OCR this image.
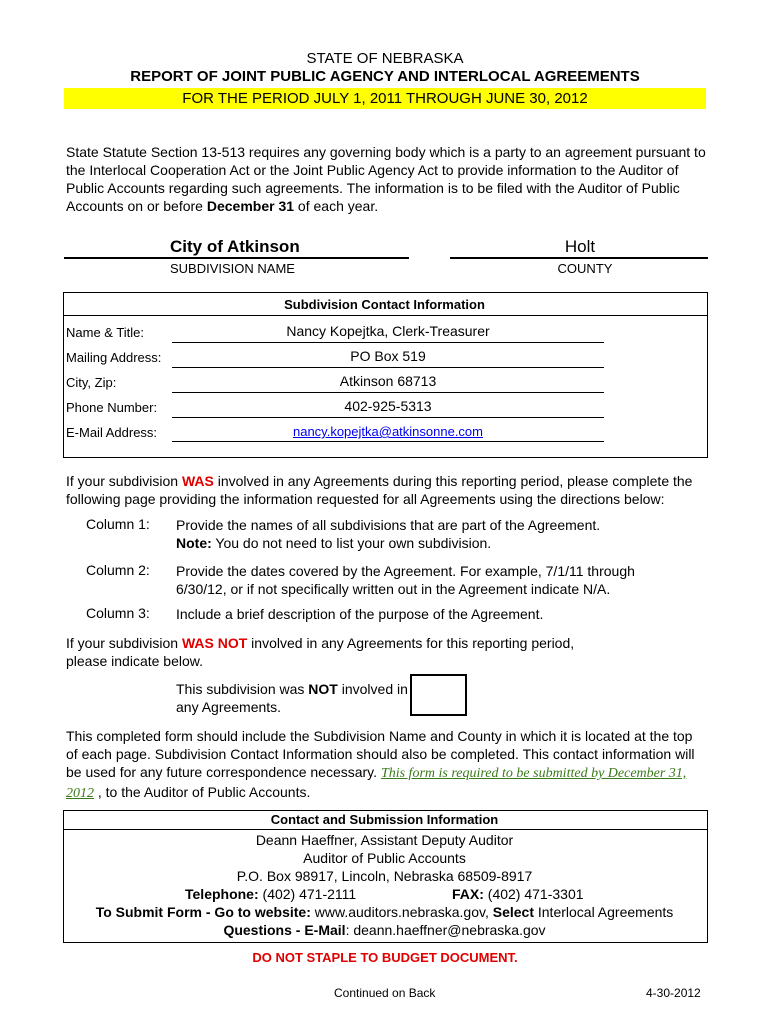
STATE OF NEBRASKA
REPORT OF JOINT PUBLIC AGENCY AND INTERLOCAL AGREEMENTS
FOR THE PERIOD JULY 1, 2011 THROUGH JUNE 30, 2012
State Statute Section 13-513 requires any governing body which is a party to an agreement pursuant to the Interlocal Cooperation Act or the Joint Public Agency Act to provide information to the Auditor of Public Accounts regarding such agreements. The information is to be filed with the Auditor of Public Accounts on or before December 31 of each year.
City of Atkinson
SUBDIVISION NAME
Holt
COUNTY
Subdivision Contact Information
Name & Title:	Nancy Kopejtka, Clerk-Treasurer
Mailing Address:	PO Box 519
City, Zip:	Atkinson 68713
Phone Number:	402-925-5313
E-Mail Address:	nancy.kopejtka@atkinsonne.com
If your subdivision WAS involved in any Agreements during this reporting period, please complete the following page providing the information requested for all Agreements using the directions below:
Column 1: Provide the names of all subdivisions that are part of the Agreement.
Note: You do not need to list your own subdivision.
Column 2: Provide the dates covered by the Agreement. For example, 7/1/11 through 6/30/12, or if not specifically written out in the Agreement indicate N/A.
Column 3: Include a brief description of the purpose of the Agreement.
If your subdivision WAS NOT involved in any Agreements for this reporting period, please indicate below.
This subdivision was NOT involved in any Agreements.
This completed form should include the Subdivision Name and County in which it is located at the top of each page. Subdivision Contact Information should also be completed. This contact information will be used for any future correspondence necessary. This form is required to be submitted by December 31, 2012 , to the Auditor of Public Accounts.
Contact and Submission Information
Deann Haeffner, Assistant Deputy Auditor
Auditor of Public Accounts
P.O. Box 98917, Lincoln, Nebraska 68509-8917
Telephone: (402) 471-2111	FAX: (402) 471-3301
To Submit Form - Go to website: www.auditors.nebraska.gov, Select Interlocal Agreements
Questions - E-Mail: deann.haeffner@nebraska.gov
DO NOT STAPLE TO BUDGET DOCUMENT.
Continued on Back	4-30-2012
